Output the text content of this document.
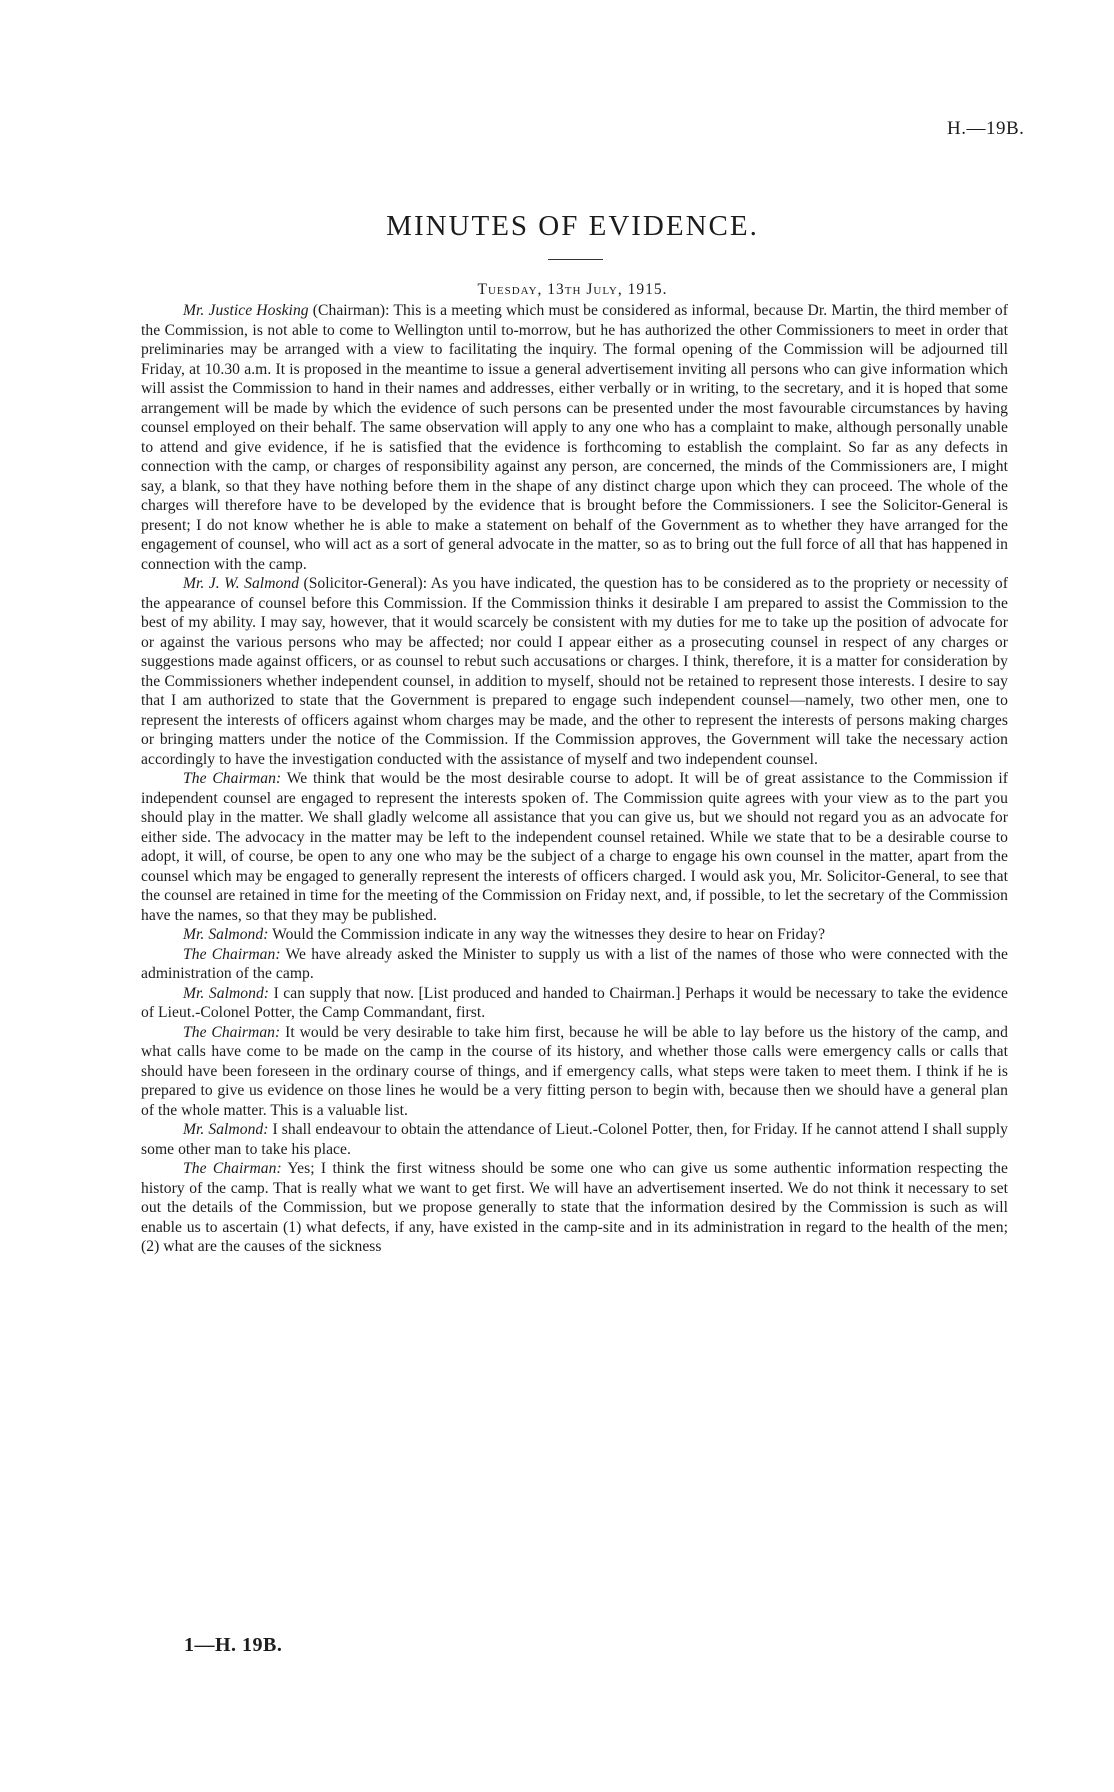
H.—19B.
MINUTES OF EVIDENCE.
Tuesday, 13th July, 1915.

Mr. Justice Hosking (Chairman): This is a meeting which must be considered as informal, because Dr. Martin, the third member of the Commission, is not able to come to Wellington until to-morrow, but he has authorized the other Commissioners to meet in order that preliminaries may be arranged with a view to facilitating the inquiry. The formal opening of the Commission will be adjourned till Friday, at 10.30 a.m. It is proposed in the meantime to issue a general advertisement inviting all persons who can give information which will assist the Commission to hand in their names and addresses, either verbally or in writing, to the secretary, and it is hoped that some arrangement will be made by which the evidence of such persons can be presented under the most favourable circumstances by having counsel employed on their behalf. The same observation will apply to any one who has a complaint to make, although personally unable to attend and give evidence, if he is satisfied that the evidence is forthcoming to establish the complaint. So far as any defects in connection with the camp, or charges of responsibility against any person, are concerned, the minds of the Commissioners are, I might say, a blank, so that they have nothing before them in the shape of any distinct charge upon which they can proceed. The whole of the charges will therefore have to be developed by the evidence that is brought before the Commissioners. I see the Solicitor-General is present; I do not know whether he is able to make a statement on behalf of the Government as to whether they have arranged for the engagement of counsel, who will act as a sort of general advocate in the matter, so as to bring out the full force of all that has happened in connection with the camp.

Mr. J. W. Salmond (Solicitor-General): As you have indicated, the question has to be considered as to the propriety or necessity of the appearance of counsel before this Commission. If the Commission thinks it desirable I am prepared to assist the Commission to the best of my ability. I may say, however, that it would scarcely be consistent with my duties for me to take up the position of advocate for or against the various persons who may be affected; nor could I appear either as a prosecuting counsel in respect of any charges or suggestions made against officers, or as counsel to rebut such accusations or charges. I think, therefore, it is a matter for consideration by the Commissioners whether independent counsel, in addition to myself, should not be retained to represent those interests. I desire to say that I am authorized to state that the Government is prepared to engage such independent counsel—namely, two other men, one to represent the interests of officers against whom charges may be made, and the other to represent the interests of persons making charges or bringing matters under the notice of the Commission. If the Commission approves, the Government will take the necessary action accordingly to have the investigation conducted with the assistance of myself and two independent counsel.

The Chairman: We think that would be the most desirable course to adopt. It will be of great assistance to the Commission if independent counsel are engaged to represent the interests spoken of. The Commission quite agrees with your view as to the part you should play in the matter. We shall gladly welcome all assistance that you can give us, but we should not regard you as an advocate for either side. The advocacy in the matter may be left to the independent counsel retained. While we state that to be a desirable course to adopt, it will, of course, be open to any one who may be the subject of a charge to engage his own counsel in the matter, apart from the counsel which may be engaged to generally represent the interests of officers charged. I would ask you, Mr. Solicitor-General, to see that the counsel are retained in time for the meeting of the Commission on Friday next, and, if possible, to let the secretary of the Commission have the names, so that they may be published.

Mr. Salmond: Would the Commission indicate in any way the witnesses they desire to hear on Friday?

The Chairman: We have already asked the Minister to supply us with a list of the names of those who were connected with the administration of the camp.

Mr. Salmond: I can supply that now. [List produced and handed to Chairman.] Perhaps it would be necessary to take the evidence of Lieut.-Colonel Potter, the Camp Commandant, first.

The Chairman: It would be very desirable to take him first, because he will be able to lay before us the history of the camp, and what calls have come to be made on the camp in the course of its history, and whether those calls were emergency calls or calls that should have been foreseen in the ordinary course of things, and if emergency calls, what steps were taken to meet them. I think if he is prepared to give us evidence on those lines he would be a very fitting person to begin with, because then we should have a general plan of the whole matter. This is a valuable list.

Mr. Salmond: I shall endeavour to obtain the attendance of Lieut.-Colonel Potter, then, for Friday. If he cannot attend I shall supply some other man to take his place.

The Chairman: Yes; I think the first witness should be some one who can give us some authentic information respecting the history of the camp. That is really what we want to get first. We will have an advertisement inserted. We do not think it necessary to set out the details of the Commission, but we propose generally to state that the information desired by the Commission is such as will enable us to ascertain (1) what defects, if any, have existed in the camp-site and in its administration in regard to the health of the men; (2) what are the causes of the sickness

1—H. 19B.
